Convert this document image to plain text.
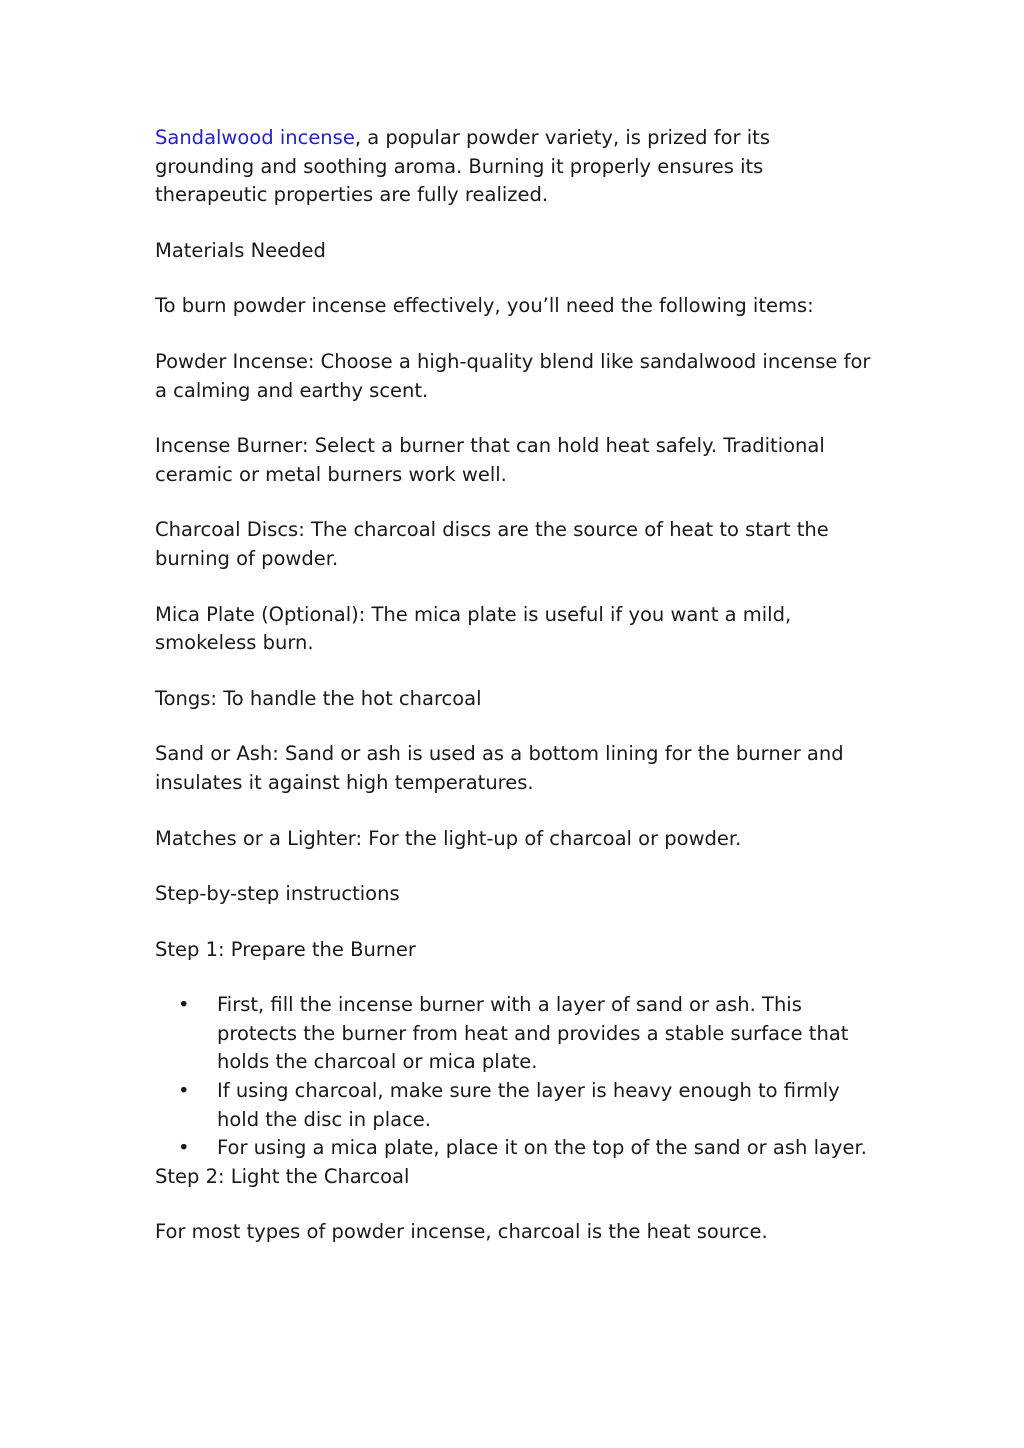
Sandalwood incense, a popular powder variety, is prized for its grounding and soothing aroma. Burning it properly ensures its therapeutic properties are fully realized.

Materials Needed

To burn powder incense effectively, you’ll need the following items:

Powder Incense: Choose a high-quality blend like sandalwood incense for a calming and earthy scent.

Incense Burner: Select a burner that can hold heat safely. Traditional ceramic or metal burners work well.

Charcoal Discs: The charcoal discs are the source of heat to start the burning of powder.

Mica Plate (Optional): The mica plate is useful if you want a mild, smokeless burn.

Tongs: To handle the hot charcoal

Sand or Ash: Sand or ash is used as a bottom lining for the burner and insulates it against high temperatures.

Matches or a Lighter: For the light-up of charcoal or powder.

Step-by-step instructions

Step 1: Prepare the Burner

• First, fill the incense burner with a layer of sand or ash. This protects the burner from heat and provides a stable surface that holds the charcoal or mica plate.
• If using charcoal, make sure the layer is heavy enough to firmly hold the disc in place.
• For using a mica plate, place it on the top of the sand or ash layer.

Step 2: Light the Charcoal

For most types of powder incense, charcoal is the heat source.
